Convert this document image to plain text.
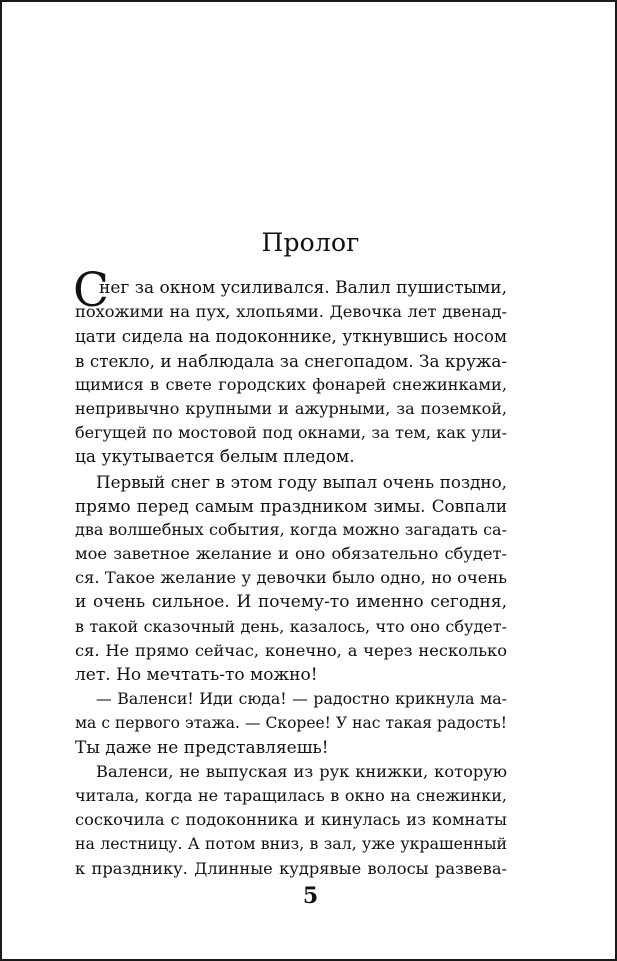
Пролог
С
нег за окном усиливался. Валил пушистыми,
похожими на пух, хлопьями. Девочка лет двенад-
цати сидела на подоконнике, уткнувшись носом
в стекло, и наблюдала за снегопадом. За кружа-
щимися в свете городских фонарей снежинками,
непривычно крупными и ажурными, за поземкой,
бегущей по мостовой под окнами, за тем, как ули-
ца укутывается белым пледом.
Первый снег в этом году выпал очень поздно,
прямо перед самым праздником зимы. Совпали
два волшебных события, когда можно загадать са-
мое заветное желание и оно обязательно сбудет-
ся. Такое желание у девочки было одно, но очень
и очень сильное. И почему-то именно сегодня,
в такой сказочный день, казалось, что оно сбудет-
ся. Не прямо сейчас, конечно, а через несколько
лет. Но мечтать-то можно!
— Валенси! Иди сюда! — радостно крикнула ма-
ма с первого этажа. — Скорее! У нас такая радость!
Ты даже не представляешь!
Валенси, не выпуская из рук книжки, которую
читала, когда не таращилась в окно на снежинки,
соскочила с подоконника и кинулась из комнаты
на лестницу. А потом вниз, в зал, уже украшенный
к празднику. Длинные кудрявые волосы развева-
5
